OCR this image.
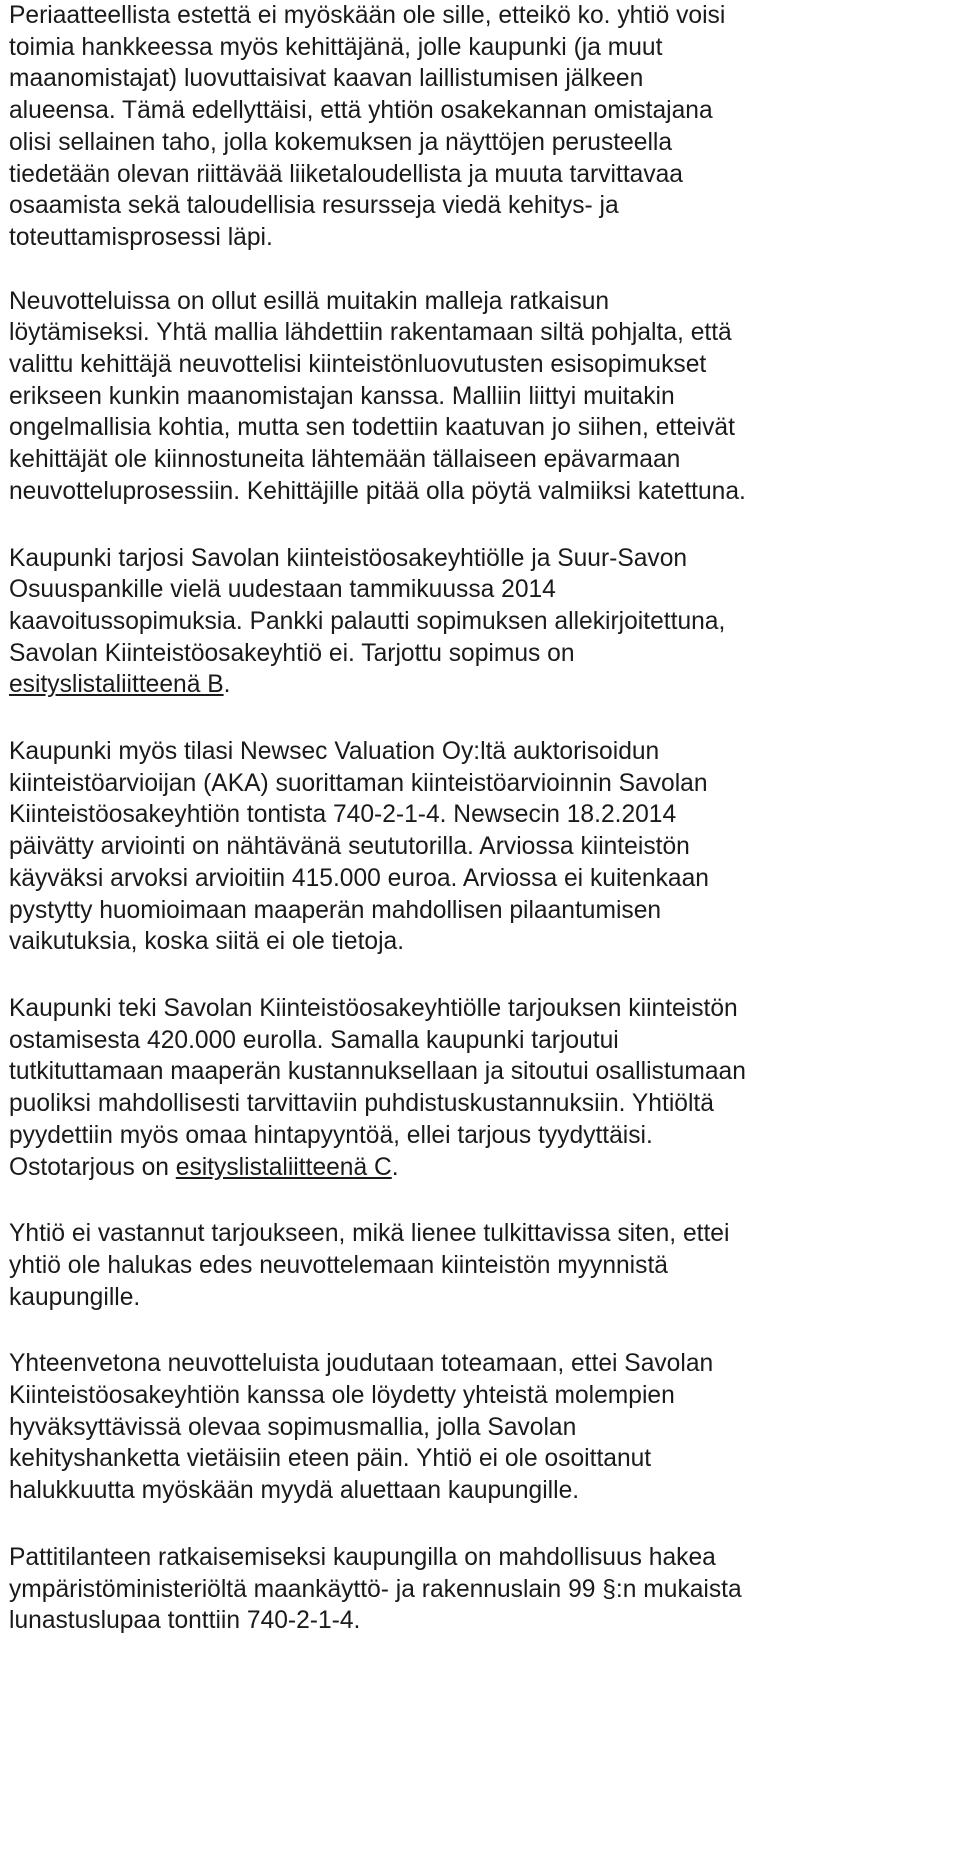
Periaatteellista estettä ei myöskään ole sille, etteikö ko. yhtiö voisi
toimia hankkeessa myös kehittäjänä, jolle kaupunki (ja muut
maanomistajat) luovuttaisivat kaavan laillistumisen jälkeen
alueensa. Tämä edellyttäisi, että yhtiön osakekannan omistajana
olisi sellainen taho, jolla kokemuksen ja näyttöjen perusteella
tiedetään olevan riittävää liiketaloudellista ja muuta tarvittavaa
osaamista sekä taloudellisia resursseja viedä kehitys- ja
toteuttamisprosessi läpi.
Neuvotteluissa on ollut esillä muitakin malleja ratkaisun
löytämiseksi. Yhtä mallia lähdettiin rakentamaan siltä pohjalta, että
valittu kehittäjä neuvottelisi kiinteistönluovutusten esisopimukset
erikseen kunkin maanomistajan kanssa. Malliin liittyi muitakin
ongelmallisia kohtia, mutta sen todettiin kaatuvan jo siihen, etteivät
kehittäjät ole kiinnostuneita lähtemään tällaiseen epävarmaan
neuvotteluprosessiin. Kehittäjille pitää olla pöytä valmiiksi katettuna.
Kaupunki tarjosi Savolan kiinteistöosakeyhtiölle ja Suur-Savon
Osuuspankille vielä uudestaan tammikuussa 2014
kaavoitussopimuksia. Pankki palautti sopimuksen allekirjoitettuna,
Savolan Kiinteistöosakeyhtiö ei. Tarjottu sopimus on
esityslistaliitteenä B.
Kaupunki myös tilasi Newsec Valuation Oy:ltä auktorisoidun
kiinteistöarvioijan (AKA) suorittaman kiinteistöarvioinnin Savolan
Kiinteistöosakeyhtiön tontista 740-2-1-4. Newsecin 18.2.2014
päivätty arviointi on nähtävänä seututorilla. Arviossa kiinteistön
käyväksi arvoksi arvioitiin 415.000 euroa. Arviossa ei kuitenkaan
pystytty huomioimaan maaperän mahdollisen pilaantumisen
vaikutuksia, koska siitä ei ole tietoja.
Kaupunki teki Savolan Kiinteistöosakeyhtiölle tarjouksen kiinteistön
ostamisesta 420.000 eurolla. Samalla kaupunki tarjoutui
tutkituttamaan maaperän kustannuksellaan ja sitoutui osallistumaan
puoliksi mahdollisesti tarvittaviin puhdistuskustannuksiin. Yhtiöltä
pyydettiin myös omaa hintapyyntöä, ellei tarjous tyydyttäisi.
Ostotarjous on esityslistaliitteenä C.
Yhtiö ei vastannut tarjoukseen, mikä lienee tulkittavissa siten, ettei
yhtiö ole halukas edes neuvottelemaan kiinteistön myynnistä
kaupungille.
Yhteenvetona neuvotteluista joudutaan toteamaan, ettei Savolan
Kiinteistöosakeyhtiön kanssa ole löydetty yhteistä molempien
hyväksyttävissä olevaa sopimusmallia, jolla Savolan
kehityshanketta vietäisiin eteen päin. Yhtiö ei ole osoittanut
halukkuutta myöskään myydä aluettaan kaupungille.
Pattitilanteen ratkaisemiseksi kaupungilla on mahdollisuus hakea
ympäristöministeriöltä maankäyttö- ja rakennuslain 99 §:n mukaista
lunastuslupaa tonttiin 740-2-1-4.
